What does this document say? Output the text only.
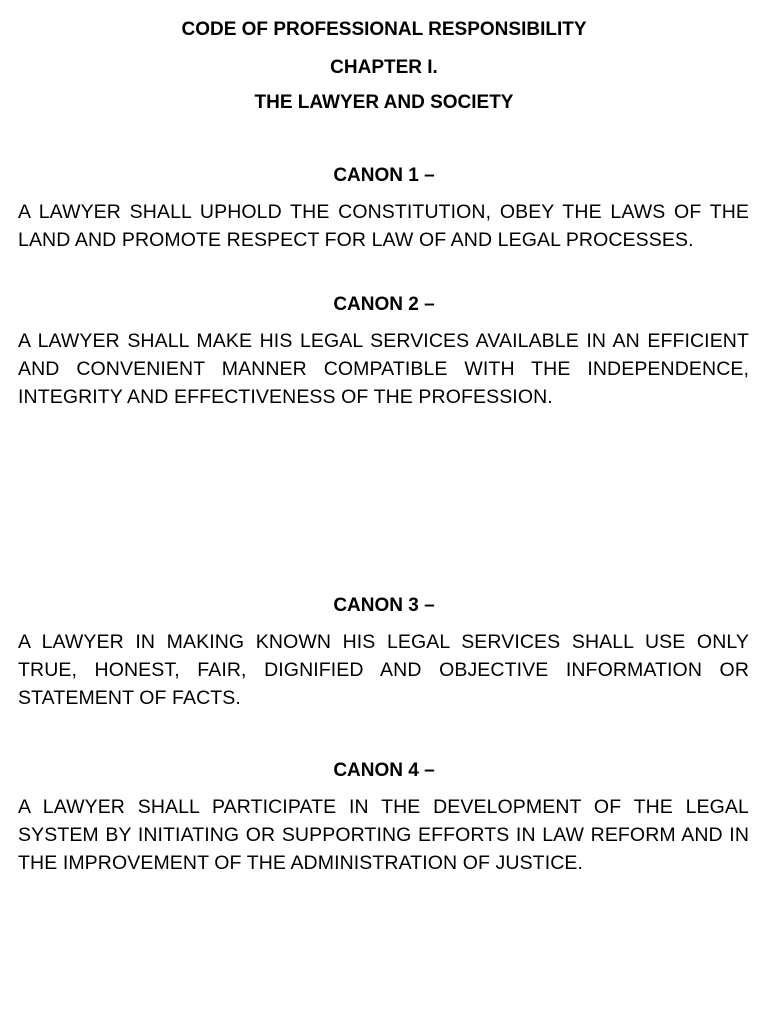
CODE OF PROFESSIONAL RESPONSIBILITY
CHAPTER I.
THE LAWYER AND SOCIETY
CANON 1 –

A LAWYER SHALL UPHOLD THE CONSTITUTION, OBEY THE LAWS OF THE LAND AND PROMOTE RESPECT FOR LAW OF AND LEGAL PROCESSES.

CANON 2 –

A LAWYER SHALL MAKE HIS LEGAL SERVICES AVAILABLE IN AN EFFICIENT AND CONVENIENT MANNER COMPATIBLE WITH THE INDEPENDENCE, INTEGRITY AND EFFECTIVENESS OF THE PROFESSION.

CANON 3 –

A LAWYER IN MAKING KNOWN HIS LEGAL SERVICES SHALL USE ONLY TRUE, HONEST, FAIR, DIGNIFIED AND OBJECTIVE INFORMATION OR STATEMENT OF FACTS.

CANON 4 –

A LAWYER SHALL PARTICIPATE IN THE DEVELOPMENT OF THE LEGAL SYSTEM BY INITIATING OR SUPPORTING EFFORTS IN LAW REFORM AND IN THE IMPROVEMENT OF THE ADMINISTRATION OF JUSTICE.
